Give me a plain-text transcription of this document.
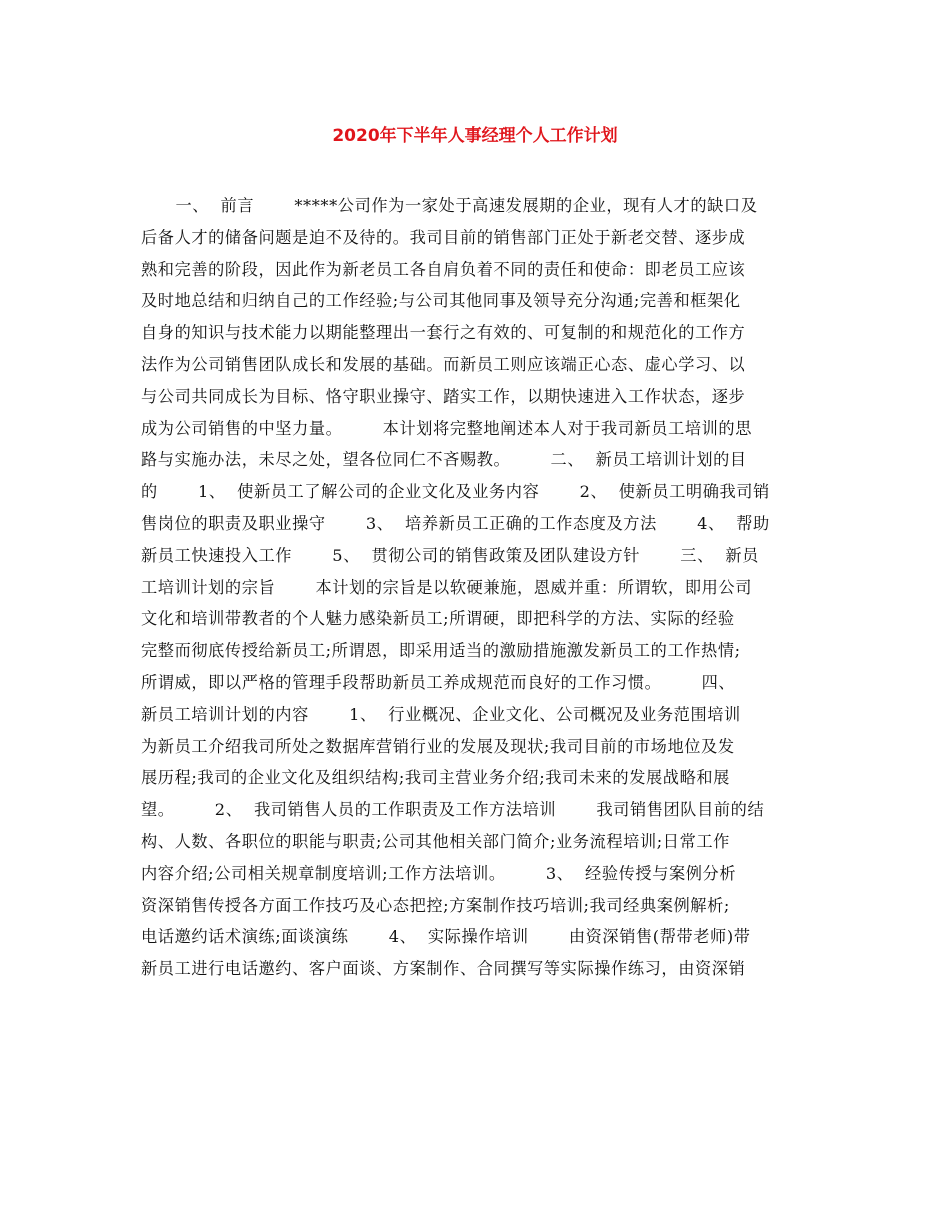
2020年下半年人事经理个人工作计划
一、  前言       *****公司作为一家处于高速发展期的企业，现有人才的缺口及
后备人才的储备问题是迫不及待的。我司目前的销售部门正处于新老交替、逐步成
熟和完善的阶段，因此作为新老员工各自肩负着不同的责任和使命：即老员工应该
及时地总结和归纳自己的工作经验;与公司其他同事及领导充分沟通;完善和框架化
自身的知识与技术能力以期能整理出一套行之有效的、可复制的和规范化的工作方
法作为公司销售团队成长和发展的基础。而新员工则应该端正心态、虚心学习、以
与公司共同成长为目标、恪守职业操守、踏实工作，以期快速进入工作状态，逐步
成为公司销售的中坚力量。       本计划将完整地阐述本人对于我司新员工培训的思
路与实施办法，未尽之处，望各位同仁不吝赐教。       二、  新员工培训计划的目
的       1、  使新员工了解公司的企业文化及业务内容       2、  使新员工明确我司销
售岗位的职责及职业操守       3、  培养新员工正确的工作态度及方法       4、  帮助
新员工快速投入工作       5、  贯彻公司的销售政策及团队建设方针       三、  新员
工培训计划的宗旨       本计划的宗旨是以软硬兼施，恩威并重：所谓软，即用公司
文化和培训带教者的个人魅力感染新员工;所谓硬，即把科学的方法、实际的经验
完整而彻底传授给新员工;所谓恩，即采用适当的激励措施激发新员工的工作热情;
所谓威，即以严格的管理手段帮助新员工养成规范而良好的工作习惯。       四、
新员工培训计划的内容       1、  行业概况、企业文化、公司概况及业务范围培训
为新员工介绍我司所处之数据库营销行业的发展及现状;我司目前的市场地位及发
展历程;我司的企业文化及组织结构;我司主营业务介绍;我司未来的发展战略和展
望。       2、  我司销售人员的工作职责及工作方法培训       我司销售团队目前的结
构、人数、各职位的职能与职责;公司其他相关部门简介;业务流程培训;日常工作
内容介绍;公司相关规章制度培训;工作方法培训。       3、  经验传授与案例分析
资深销售传授各方面工作技巧及心态把控;方案制作技巧培训;我司经典案例解析;
电话邀约话术演练;面谈演练       4、  实际操作培训       由资深销售(帮带老师)带
新员工进行电话邀约、客户面谈、方案制作、合同撰写等实际操作练习，由资深销
